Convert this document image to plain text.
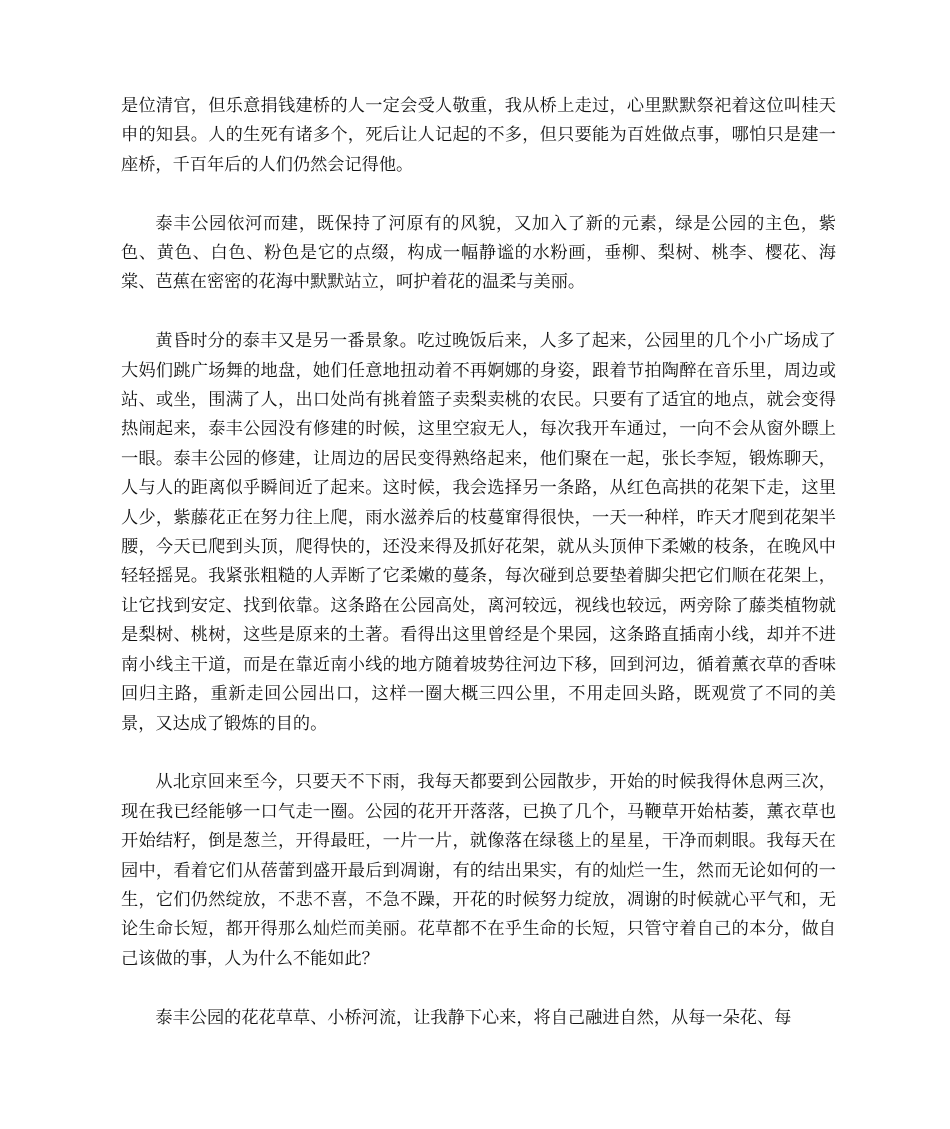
是位清官，但乐意捐钱建桥的人一定会受人敬重，我从桥上走过，心里默默祭祀着这位叫桂天申的知县。人的生死有诸多个，死后让人记起的不多，但只要能为百姓做点事，哪怕只是建一座桥，千百年后的人们仍然会记得他。

泰丰公园依河而建，既保持了河原有的风貌，又加入了新的元素，绿是公园的主色，紫色、黄色、白色、粉色是它的点缀，构成一幅静谧的水粉画，垂柳、梨树、桃李、樱花、海棠、芭蕉在密密的花海中默默站立，呵护着花的温柔与美丽。

黄昏时分的泰丰又是另一番景象。吃过晚饭后来，人多了起来，公园里的几个小广场成了大妈们跳广场舞的地盘，她们任意地扭动着不再婀娜的身姿，跟着节拍陶醉在音乐里，周边或站、或坐，围满了人，出口处尚有挑着篮子卖梨卖桃的农民。只要有了适宜的地点，就会变得热闹起来，泰丰公园没有修建的时候，这里空寂无人，每次我开车通过，一向不会从窗外瞟上一眼。泰丰公园的修建，让周边的居民变得熟络起来，他们聚在一起，张长李短，锻炼聊天，人与人的距离似乎瞬间近了起来。这时候，我会选择另一条路，从红色高拱的花架下走，这里人少，紫藤花正在努力往上爬，雨水滋养后的枝蔓窜得很快，一天一种样，昨天才爬到花架半腰，今天已爬到头顶，爬得快的，还没来得及抓好花架，就从头顶伸下柔嫩的枝条，在晚风中轻轻摇晃。我紧张粗糙的人弄断了它柔嫩的蔓条，每次碰到总要垫着脚尖把它们顺在花架上，让它找到安定、找到依靠。这条路在公园高处，离河较远，视线也较远，两旁除了藤类植物就是梨树、桃树，这些是原来的土著。看得出这里曾经是个果园，这条路直插南小线，却并不进南小线主干道，而是在靠近南小线的地方随着坡势往河边下移，回到河边，循着薰衣草的香味回归主路，重新走回公园出口，这样一圈大概三四公里，不用走回头路，既观赏了不同的美景，又达成了锻炼的目的。

从北京回来至今，只要天不下雨，我每天都要到公园散步，开始的时候我得休息两三次，现在我已经能够一口气走一圈。公园的花开开落落，已换了几个，马鞭草开始枯萎，薰衣草也开始结籽，倒是葱兰，开得最旺，一片一片，就像落在绿毯上的星星，干净而刺眼。我每天在园中，看着它们从蓓蕾到盛开最后到凋谢，有的结出果实，有的灿烂一生，然而无论如何的一生，它们仍然绽放，不悲不喜，不急不躁，开花的时候努力绽放，凋谢的时候就心平气和，无论生命长短，都开得那么灿烂而美丽。花草都不在乎生命的长短，只管守着自己的本分，做自己该做的事，人为什么不能如此？

泰丰公园的花花草草、小桥河流，让我静下心来，将自己融进自然，从每一朵花、每
